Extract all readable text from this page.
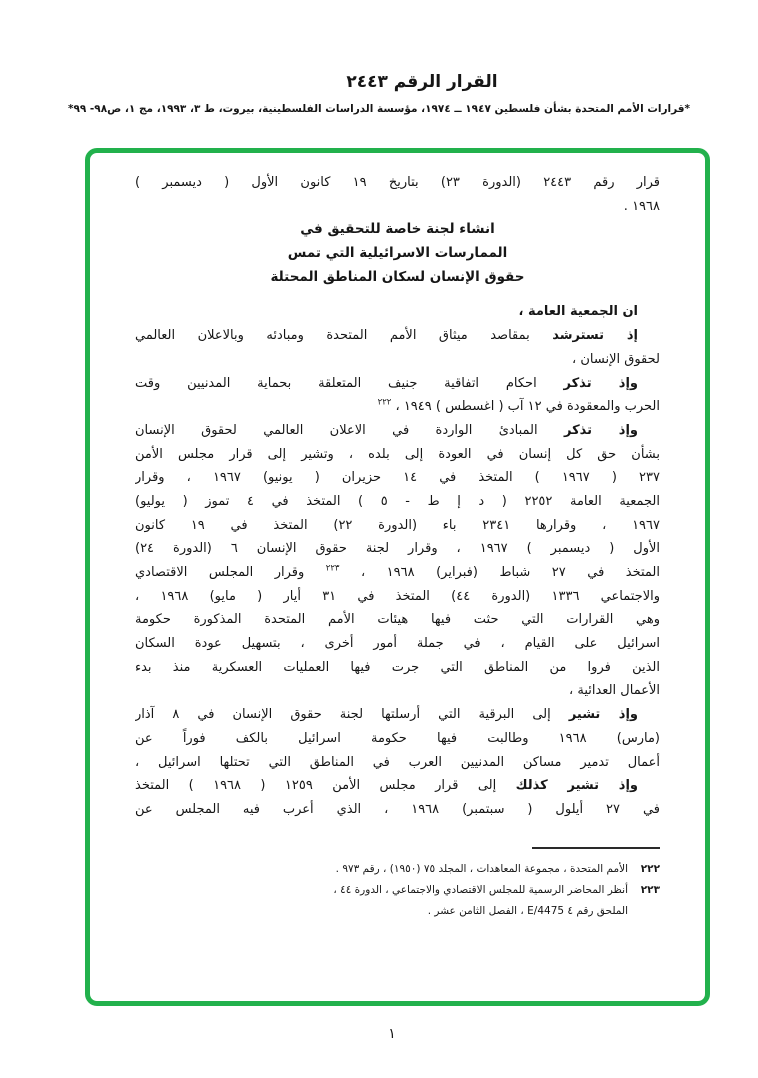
القرار الرقم ٢٤٤٣
*قرارات الأمم المتحدة بشأن فلسطين ١٩٤٧ ــ ١٩٧٤، مؤسسة الدراسات الفلسطينية، بيروت، ط ٣، ١٩٩٣، مج ١، ص٩٨- ٩٩*
قرار رقم ٢٤٤٣ (الدورة ٢٣) بتاريخ ١٩ كانون الأول ( ديسمبر )
١٩٦٨ .
انشاء لجنة خاصة للتحقيق في
الممارسات الاسرائيلية التي تمس
حقوق الإنسان لسكان المناطق المحتلة
ان الجمعية العامة ،
إذ تسترشد بمقاصد ميثاق الأمم المتحدة ومبادئه وبالاعلان العالمي
لحقوق الإنسان ،
وإذ تذكر احكام اتفاقية جنيف المتعلقة بحماية المدنيين وقت
الحرب والمعقودة في ١٢ آب ( اغسطس ) ١٩٤٩ ، $^{٢٢٢}$
وإذ تذكر المبادئ الواردة في الاعلان العالمي لحقوق الإنسان
بشأن حق كل إنسان في العودة إلى بلده ، وتشير إلى قرار مجلس الأمن
٢٣٧ ( ١٩٦٧ ) المتخذ في ١٤ حزيران ( يونيو) ١٩٦٧ ، وقرار
الجمعية العامة ٢٢٥٢ ( د إ ط - ٥ ) المتخذ في ٤ تموز ( يوليو)
١٩٦٧ ، وقرارها ٢٣٤١ باء (الدورة ٢٢) المتخذ في ١٩ كانون
الأول ( ديسمبر ) ١٩٦٧ ، وقرار لجنة حقوق الإنسان ٦ (الدورة ٢٤)
المتخذ في ٢٧ شباط (فبراير) ١٩٦٨ ، $^{٢٢٣}$ وقرار المجلس الاقتصادي
والاجتماعي ١٣٣٦ (الدورة ٤٤) المتخذ في ٣١ أيار ( مايو) ١٩٦٨ ،
وهي القرارات التي حثت فيها هيئات الأمم المتحدة المذكورة حكومة
اسرائيل على القيام ، في جملة أمور أخرى ، بتسهيل عودة السكان
الذين فروا من المناطق التي جرت فيها العمليات العسكرية منذ بدء
الأعمال العدائية ،
وإذ تشير إلى البرقية التي أرسلتها لجنة حقوق الإنسان في ٨ آذار
(مارس) ١٩٦٨ وطالبت فيها حكومة اسرائيل بالكف فوراً عن
أعمال تدمير مساكن المدنيين العرب في المناطق التي تحتلها اسرائيل ،
وإذ تشير كذلك إلى قرار مجلس الأمن ١٢٥٩ ( ١٩٦٨ ) المتخذ
في ٢٧ أيلول ( سبتمبر) ١٩٦٨ ، الذي أعرب فيه المجلس عن
٢٢٢
الأمم المتحدة ، مجموعة المعاهدات ، المجلد ٧٥ (١٩٥٠) ، رقم ٩٧٣ .
٢٢٣
أنظر المحاضر الرسمية للمجلس الاقتصادي والاجتماعي ، الدورة ٤٤ ،
الملحق رقم ٤ E/4475 ، الفصل الثامن عشر .
١
